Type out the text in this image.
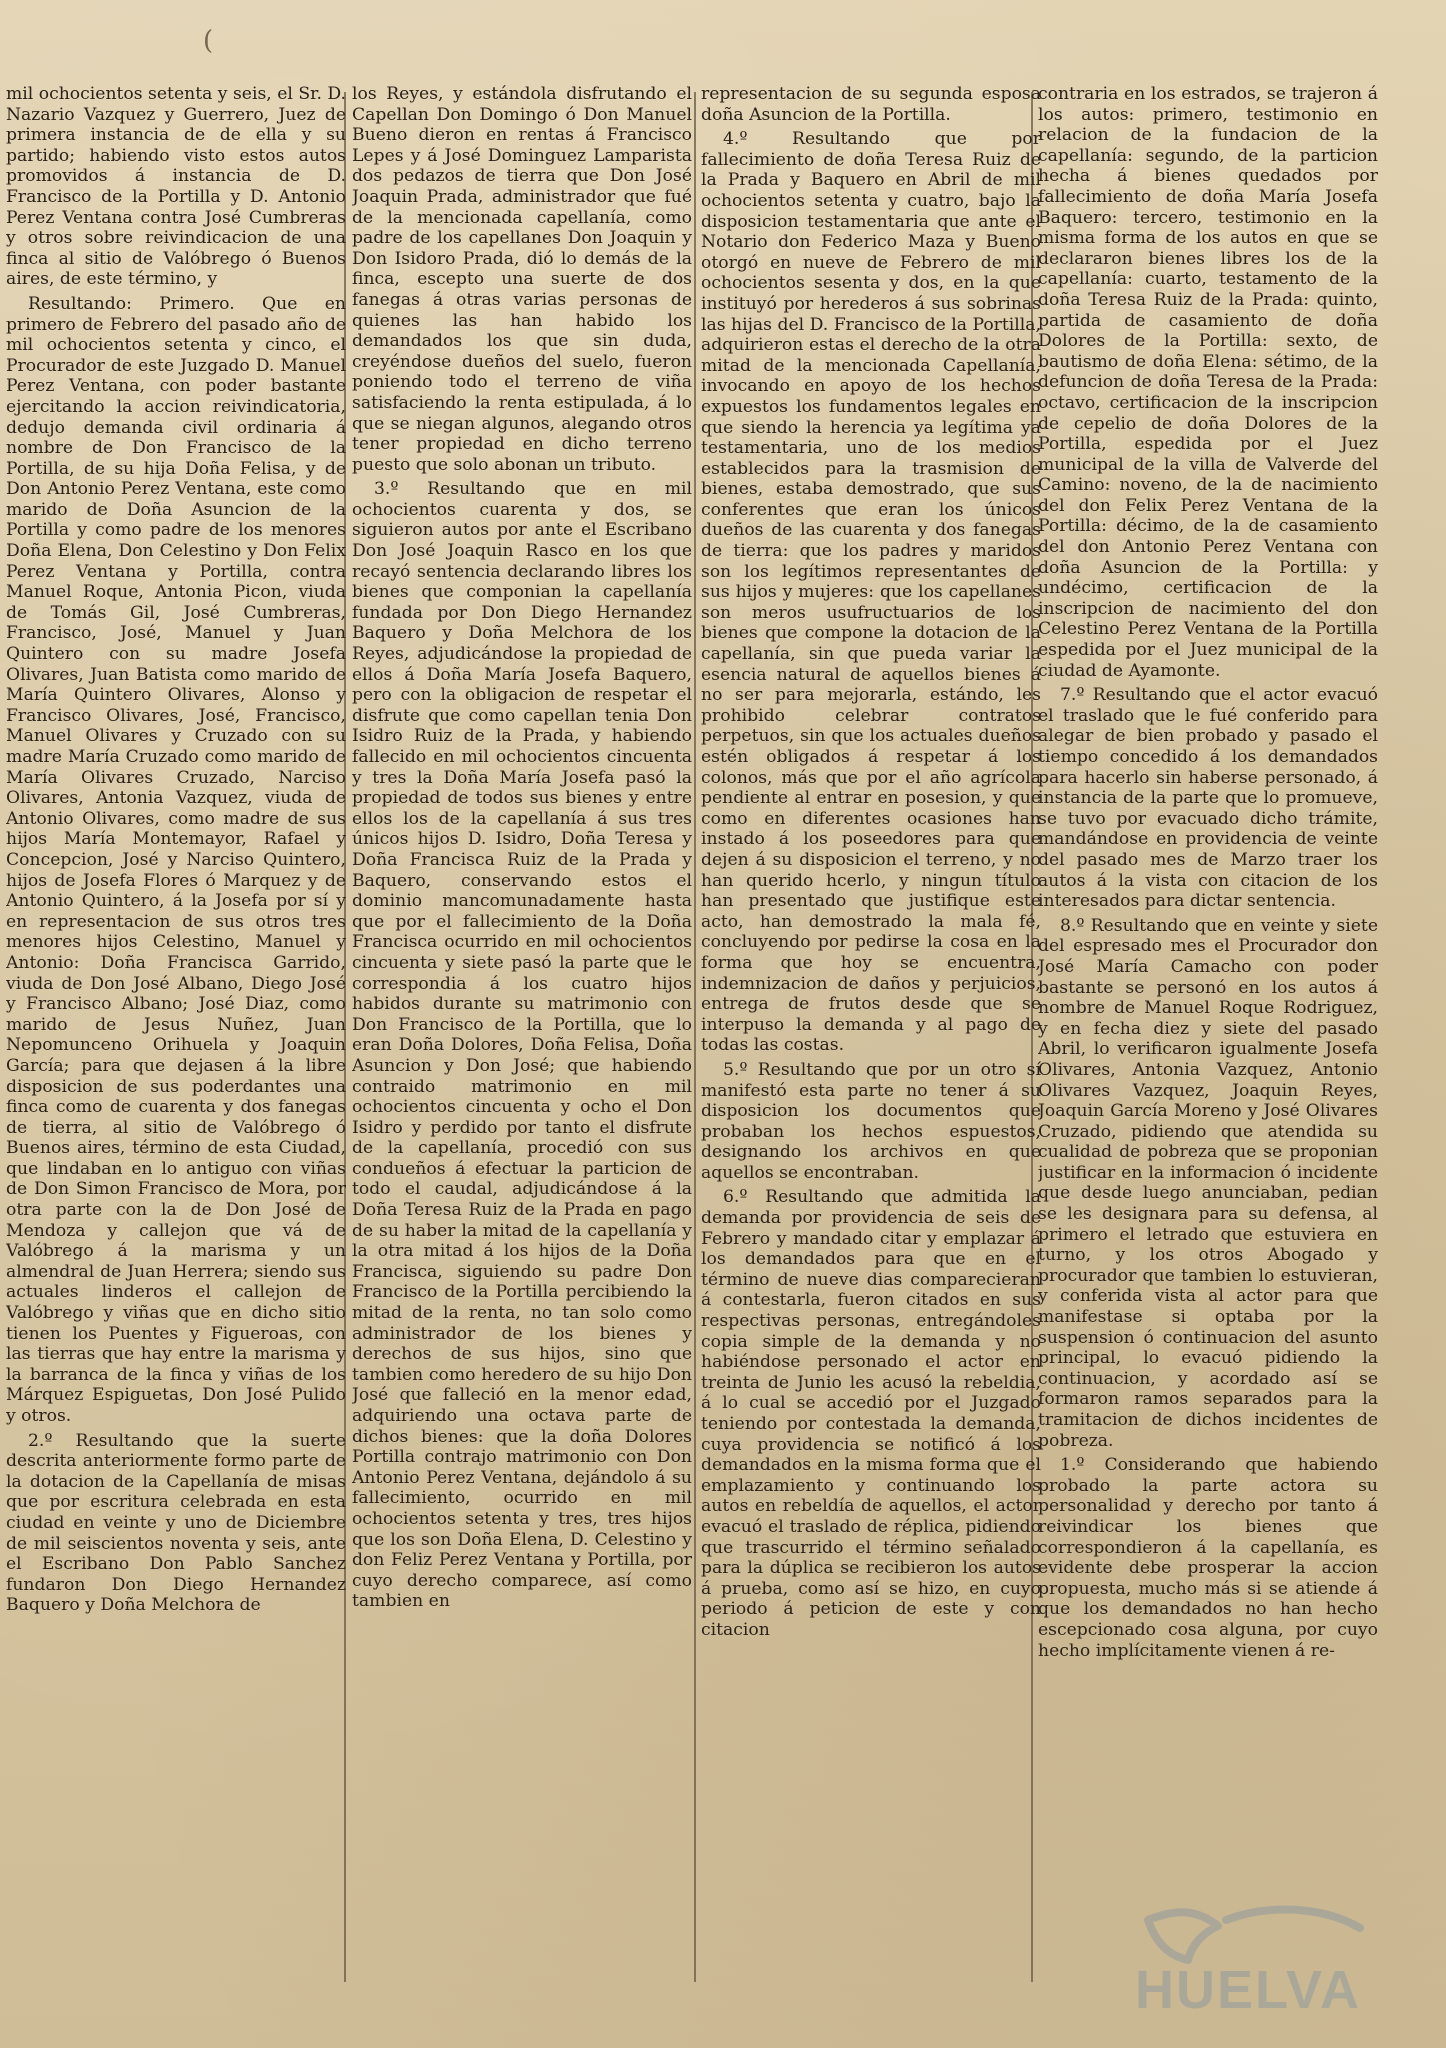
(

mil ochocientos setenta y seis, el Sr. D. Nazario Vazquez y Guerrero, Juez de primera instancia de de ella y su partido; habiendo visto estos autos promovidos á instancia de D. Francisco de la Portilla y D. Antonio Perez Ventana contra José Cumbreras y otros sobre reivindicacion de una finca al sitio de Valóbrego ó Buenos aires, de este término, y

Resultando: Primero. Que en primero de Febrero del pasado año de mil ochocientos setenta y cinco, el Procurador de este Juzgado D. Manuel Perez Ventana, con poder bastante ejercitando la accion reivindicatoria, dedujo demanda civil ordinaria á nombre de Don Francisco de la Portilla, de su hija Doña Felisa, y de Don Antonio Perez Ventana, este como marido de Doña Asuncion de la Portilla y como padre de los menores Doña Elena, Don Celestino y Don Felix Perez Ventana y Portilla, contra Manuel Roque, Antonia Picon, viuda de Tomás Gil, José Cumbreras, Francisco, José, Manuel y Juan Quintero con su madre Josefa Olivares, Juan Batista como marido de María Quintero Olivares, Alonso y Francisco Olivares, José, Francisco, Manuel Olivares y Cruzado con su madre María Cruzado como marido de María Olivares Cruzado, Narciso Olivares, Antonia Vazquez, viuda de Antonio Olivares, como madre de sus hijos María Montemayor, Rafael y Concepcion, José y Narciso Quintero, hijos de Josefa Flores ó Marquez y de Antonio Quintero, á la Josefa por sí y en representacion de sus otros tres menores hijos Celestino, Manuel y Antonio: Doña Francisca Garrido, viuda de Don José Albano, Diego José y Francisco Albano; José Diaz, como marido de Jesus Nuñez, Juan Nepomunceno Orihuela y Joaquin García; para que dejasen á la libre disposicion de sus poderdantes una finca como de cuarenta y dos fanegas de tierra, al sitio de Valóbrego ó Buenos aires, término de esta Ciudad, que lindaban en lo antiguo con viñas de Don Simon Francisco de Mora, por otra parte con la de Don José de Mendoza y callejon que vá de Valóbrego á la marisma y un almendral de Juan Herrera; siendo sus actuales linderos el callejon de Valóbrego y viñas que en dicho sitio tienen los Puentes y Figueroas, con las tierras que hay entre la marisma y la barranca de la finca y viñas de los Márquez Espiguetas, Don José Pulido y otros.

2.º Resultando que la suerte descrita anteriormente formo parte de la dotacion de la Capellanía de misas que por escritura celebrada en esta ciudad en veinte y uno de Diciembre de mil seiscientos noventa y seis, ante el Escribano Don Pablo Sanchez fundaron Don Diego Hernandez Baquero y Doña Melchora de

los Reyes, y estándola disfrutando el Capellan Don Domingo ó Don Manuel Bueno dieron en rentas á Francisco Lepes y á José Dominguez Lamparista dos pedazos de tierra que Don José Joaquin Prada, administrador que fué de la mencionada capellanía, como padre de los capellanes Don Joaquin y Don Isidoro Prada, dió lo demás de la finca, escepto una suerte de dos fanegas á otras varias personas de quienes las han habido los demandados los que sin duda, creyéndose dueños del suelo, fueron poniendo todo el terreno de viña satisfaciendo la renta estipulada, á lo que se niegan algunos, alegando otros tener propiedad en dicho terreno puesto que solo abonan un tributo.

3.º Resultando que en mil ochocientos cuarenta y dos, se siguieron autos por ante el Escribano Don José Joaquin Rasco en los que recayó sentencia declarando libres los bienes que componian la capellanía fundada por Don Diego Hernandez Baquero y Doña Melchora de los Reyes, adjudicándose la propiedad de ellos á Doña María Josefa Baquero, pero con la obligacion de respetar el disfrute que como capellan tenia Don Isidro Ruiz de la Prada, y habiendo fallecido en mil ochocientos cincuenta y tres la Doña María Josefa pasó la propiedad de todos sus bienes y entre ellos los de la capellanía á sus tres únicos hijos D. Isidro, Doña Teresa y Doña Francisca Ruiz de la Prada y Baquero, conservando estos el dominio mancomunadamente hasta que por el fallecimiento de la Doña Francisca ocurrido en mil ochocientos cincuenta y siete pasó la parte que le correspondia á los cuatro hijos habidos durante su matrimonio con Don Francisco de la Portilla, que lo eran Doña Dolores, Doña Felisa, Doña Asuncion y Don José; que habiendo contraido matrimonio en mil ochocientos cincuenta y ocho el Don Isidro y perdido por tanto el disfrute de la capellanía, procedió con sus condueños á efectuar la particion de todo el caudal, adjudicándose á la Doña Teresa Ruiz de la Prada en pago de su haber la mitad de la capellanía y la otra mitad á los hijos de la Doña Francisca, siguiendo su padre Don Francisco de la Portilla percibiendo la mitad de la renta, no tan solo como administrador de los bienes y derechos de sus hijos, sino que tambien como heredero de su hijo Don José que falleció en la menor edad, adquiriendo una octava parte de dichos bienes: que la doña Dolores Portilla contrajo matrimonio con Don Antonio Perez Ventana, dejándolo á su fallecimiento, ocurrido en mil ochocientos setenta y tres, tres hijos que los son Doña Elena, D. Celestino y don Feliz Perez Ventana y Portilla, por cuyo derecho comparece, así como tambien en

representacion de su segunda esposa doña Asuncion de la Portilla.

4.º Resultando que por fallecimiento de doña Teresa Ruiz de la Prada y Baquero en Abril de mil ochocientos setenta y cuatro, bajo la disposicion testamentaria que ante el Notario don Federico Maza y Bueno otorgó en nueve de Febrero de mil ochocientos sesenta y dos, en la que instituyó por herederos á sus sobrinas las hijas del D. Francisco de la Portilla, adquirieron estas el derecho de la otra mitad de la mencionada Capellanía, invocando en apoyo de los hechos expuestos los fundamentos legales en que siendo la herencia ya legítima ya testamentaria, uno de los medios establecidos para la trasmision de bienes, estaba demostrado, que sus conferentes que eran los únicos dueños de las cuarenta y dos fanegas de tierra: que los padres y maridos son los legítimos representantes de sus hijos y mujeres: que los capellanes son meros usufructuarios de los bienes que compone la dotacion de la capellanía, sin que pueda variar la esencia natural de aquellos bienes á no ser para mejorarla, estándo, les prohibido celebrar contratos perpetuos, sin que los actuales dueños estén obligados á respetar á los colonos, más que por el año agrícola pendiente al entrar en posesion, y que como en diferentes ocasiones han instado á los poseedores para que dejen á su disposicion el terreno, y no han querido hcerlo, y ningun título han presentado que justifique este acto, han demostrado la mala fé, concluyendo por pedirse la cosa en la forma que hoy se encuentra, indemnizacion de daños y perjuicios, entrega de frutos desde que se interpuso la demanda y al pago de todas las costas.

5.º Resultando que por un otro sí manifestó esta parte no tener á su disposicion los documentos que probaban los hechos espuestos, designando los archivos en que aquellos se encontraban.

6.º Resultando que admitida la demanda por providencia de seis de Febrero y mandado citar y emplazar á los demandados para que en el término de nueve dias comparecieran á contestarla, fueron citados en sus respectivas personas, entregándoles copia simple de la demanda y no habiéndose personado el actor en treinta de Junio les acusó la rebeldia, á lo cual se accedió por el Juzgado teniendo por contestada la demanda, cuya providencia se notificó á los demandados en la misma forma que el emplazamiento y continuando los autos en rebeldía de aquellos, el actor evacuó el traslado de réplica, pidiendo que trascurrido el término señalado para la dúplica se recibieron los autos á prueba, como así se hizo, en cuyo periodo á peticion de este y con citacion

contraria en los estrados, se trajeron á los autos: primero, testimonio en relacion de la fundacion de la capellanía: segundo, de la particion hecha á bienes quedados por fallecimiento de doña María Josefa Baquero: tercero, testimonio en la misma forma de los autos en que se declararon bienes libres los de la capellanía: cuarto, testamento de la doña Teresa Ruiz de la Prada: quinto, partida de casamiento de doña Dolores de la Portilla: sexto, de bautismo de doña Elena: sétimo, de la defuncion de doña Teresa de la Prada: octavo, certificacion de la inscripcion de cepelio de doña Dolores de la Portilla, espedida por el Juez municipal de la villa de Valverde del Camino: noveno, de la de nacimiento del don Felix Perez Ventana de la Portilla: décimo, de la de casamiento del don Antonio Perez Ventana con doña Asuncion de la Portilla: y undécimo, certificacion de la inscripcion de nacimiento del don Celestino Perez Ventana de la Portilla espedida por el Juez municipal de la ciudad de Ayamonte.

7.º Resultando que el actor evacuó el traslado que le fué conferido para alegar de bien probado y pasado el tiempo concedido á los demandados para hacerlo sin haberse personado, á instancia de la parte que lo promueve, se tuvo por evacuado dicho trámite, mandándose en providencia de veinte del pasado mes de Marzo traer los autos á la vista con citacion de los interesados para dictar sentencia.

8.º Resultando que en veinte y siete del espresado mes el Procurador don José María Camacho con poder bastante se personó en los autos á nombre de Manuel Roque Rodriguez, y en fecha diez y siete del pasado Abril, lo verificaron igualmente Josefa Olivares, Antonia Vazquez, Antonio Olivares Vazquez, Joaquin Reyes, Joaquin García Moreno y José Olivares Cruzado, pidiendo que atendida su cualidad de pobreza que se proponian justificar en la informacion ó incidente que desde luego anunciaban, pedian se les designara para su defensa, al primero el letrado que estuviera en turno, y los otros Abogado y procurador que tambien lo estuvieran, y conferida vista al actor para que manifestase si optaba por la suspension ó continuacion del asunto principal, lo evacuó pidiendo la continuacion, y acordado así se formaron ramos separados para la tramitacion de dichos incidentes de pobreza.

1.º Considerando que habiendo probado la parte actora su personalidad y derecho por tanto á reivindicar los bienes que correspondieron á la capellanía, es evidente debe prosperar la accion propuesta, mucho más si se atiende á que los demandados no han hecho escepcionado cosa alguna, por cuyo hecho implícitamente vienen á re-

HUELVA
